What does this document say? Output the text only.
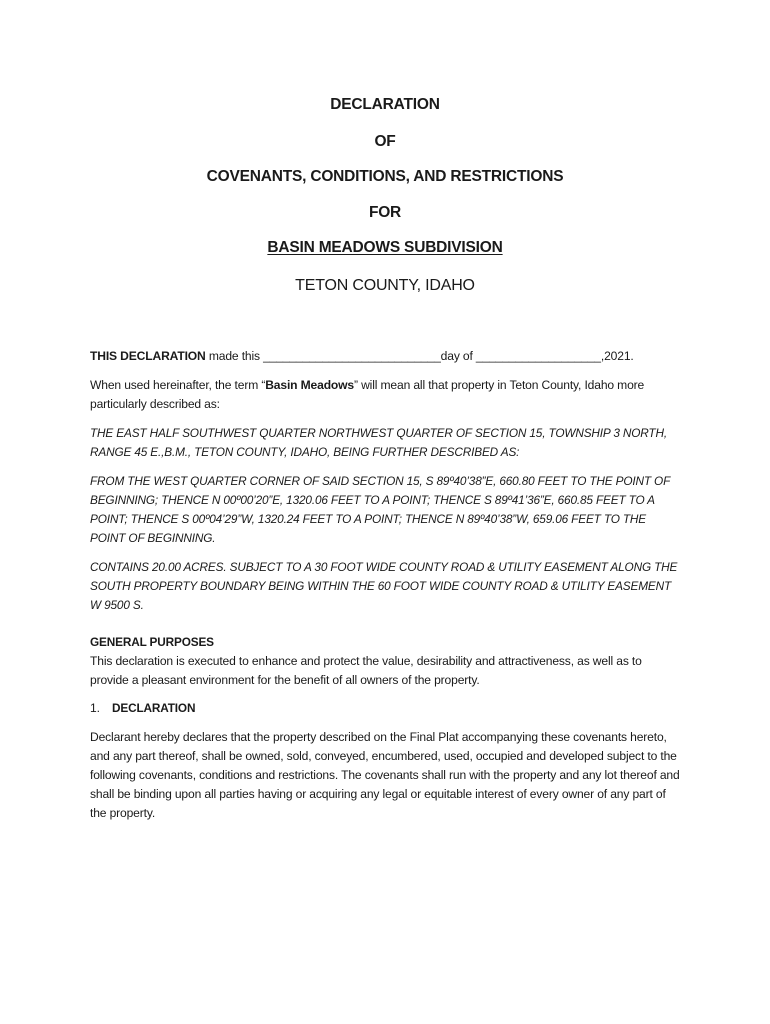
DECLARATION
OF
COVENANTS, CONDITIONS, AND RESTRICTIONS
FOR
BASIN MEADOWS SUBDIVISION
TETON COUNTY, IDAHO
THIS DECLARATION made this ___________________________day of ___________________,2021.
When used hereinafter, the term “Basin Meadows” will mean all that property in Teton County, Idaho more particularly described as:
THE EAST HALF SOUTHWEST QUARTER NORTHWEST QUARTER OF SECTION 15, TOWNSHIP 3 NORTH, RANGE 45 E.,B.M., TETON COUNTY, IDAHO, BEING FURTHER DESCRIBED AS:
FROM THE WEST QUARTER CORNER OF SAID SECTION 15, S 89º40’38”E, 660.80 FEET TO THE POINT OF
BEGINNING; THENCE N 00º00’20”E, 1320.06 FEET TO A POINT; THENCE S 89º41’36”E, 660.85 FEET TO A
POINT; THENCE S 00º04’29”W, 1320.24 FEET TO A POINT; THENCE N 89º40’38”W, 659.06 FEET TO THE
POINT OF BEGINNING.
CONTAINS 20.00 ACRES. SUBJECT TO A 30 FOOT WIDE COUNTY ROAD & UTILITY EASEMENT ALONG THE
SOUTH PROPERTY BOUNDARY BEING WITHIN THE 60 FOOT WIDE COUNTY ROAD & UTILITY EASEMENT
W 9500 S.
GENERAL PURPOSES
This declaration is executed to enhance and protect the value, desirability and attractiveness, as well as to provide a pleasant environment for the benefit of all owners of the property.
1. DECLARATION
Declarant hereby declares that the property described on the Final Plat accompanying these covenants hereto, and any part thereof, shall be owned, sold, conveyed, encumbered, used, occupied and developed subject to the following covenants, conditions and restrictions. The covenants shall run with the property and any lot thereof and shall be binding upon all parties having or acquiring any legal or equitable interest of every owner of any part of the property.
